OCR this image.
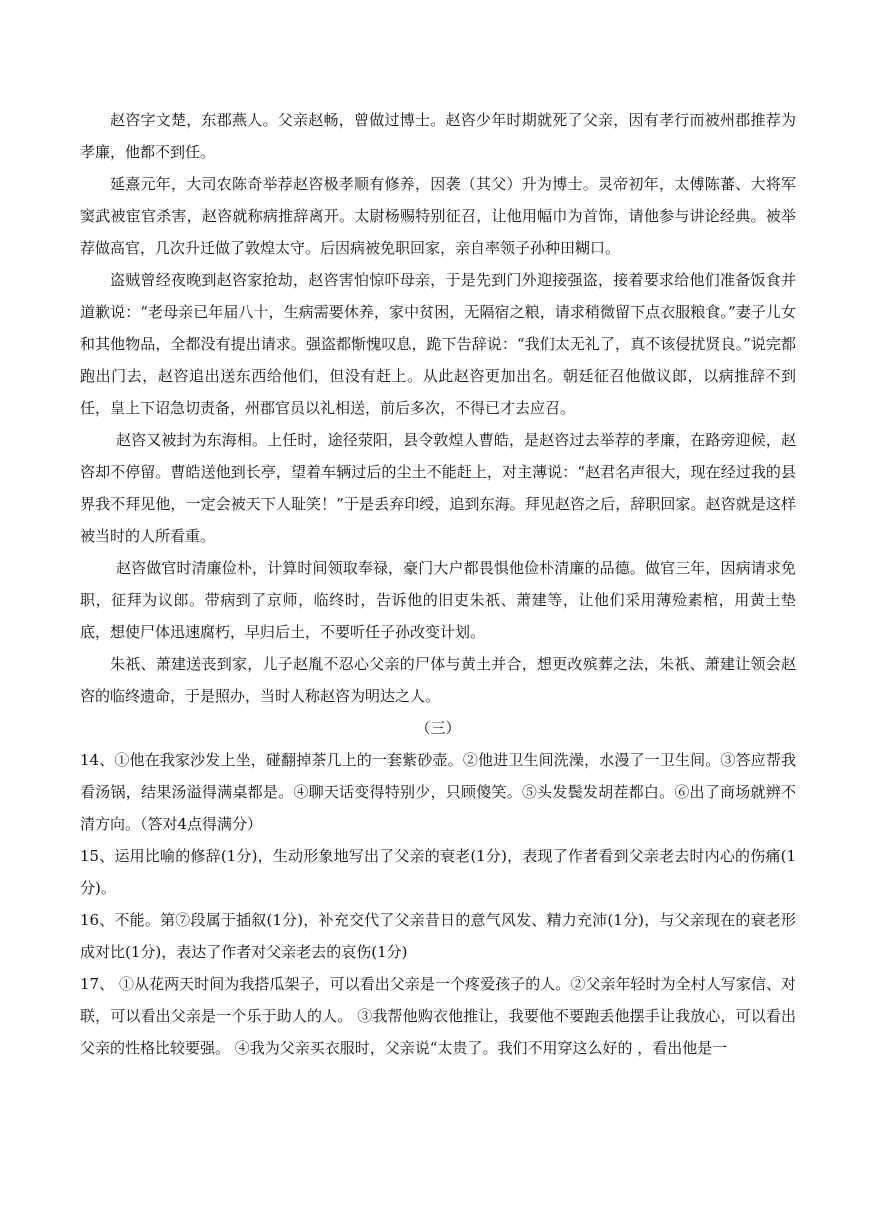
赵咨字文楚，东郡燕人。父亲赵畅，曾做过博士。赵咨少年时期就死了父亲，因有孝行而被州郡推荐为孝廉，他都不到任。

延熹元年，大司农陈奇举荐赵咨极孝顺有修养，因袭（其父）升为博士。灵帝初年，太傅陈蕃、大将军窦武被宦官杀害，赵咨就称病推辞离开。太尉杨赐特别征召，让他用幅巾为首饰，请他参与讲论经典。被举荐做高官，几次升迁做了敦煌太守。后因病被免职回家，亲自率领子孙种田糊口。

盗贼曾经夜晚到赵咨家抢劫，赵咨害怕惊吓母亲，于是先到门外迎接强盗，接着要求给他们准备饭食并道歉说：“老母亲已年届八十，生病需要休养，家中贫困，无隔宿之粮，请求稍微留下点衣服粮食。”妻子儿女和其他物品，全都没有提出请求。强盗都惭愧叹息，跪下告辞说：“我们太无礼了，真不该侵扰贤良。”说完都跑出门去，赵咨追出送东西给他们，但没有赶上。从此赵咨更加出名。朝廷征召他做议郎，以病推辞不到任，皇上下诏急切责备，州郡官员以礼相送，前后多次，不得已才去应召。

赵咨又被封为东海相。上任时，途径荥阳，县令敦煌人曹皓，是赵咨过去举荐的孝廉，在路旁迎候，赵咨却不停留。曹皓送他到长亭，望着车辆过后的尘土不能赶上，对主薄说：“赵君名声很大，现在经过我的县界我不拜见他，一定会被天下人耻笑！”于是丢弃印绶，追到东海。拜见赵咨之后，辞职回家。赵咨就是这样被当时的人所看重。

赵咨做官时清廉俭朴，计算时间领取奉禄，豪门大户都畏惧他俭朴清廉的品德。做官三年，因病请求免职，征拜为议郎。带病到了京师，临终时，告诉他的旧吏朱祇、萧建等，让他们采用薄殓素棺，用黄土垫底，想使尸体迅速腐朽，早归后土，不要听任子孙改变计划。

朱祇、萧建送丧到家，儿子赵胤不忍心父亲的尸体与黄土并合，想更改殡葬之法，朱祇、萧建让领会赵咨的临终遗命，于是照办，当时人称赵咨为明达之人。

（三）

14、①他在我家沙发上坐，碰翻掉茶几上的一套紫砂壶。②他进卫生间洗澡，水漫了一卫生间。③答应帮我看汤锅，结果汤溢得满桌都是。④聊天话变得特别少，只顾傻笑。⑤头发鬓发胡茬都白。⑥出了商场就辨不清方向。（答对4点得满分）

15、运用比喻的修辞(1分)，生动形象地写出了父亲的衰老(1分)，表现了作者看到父亲老去时内心的伤痛(1分)。

16、不能。第⑦段属于插叙(1分)，补充交代了父亲昔日的意气风发、精力充沛(1分)，与父亲现在的衰老形成对比(1分)，表达了作者对父亲老去的哀伤(1分)

17、 ①从花两天时间为我搭瓜架子，可以看出父亲是一个疼爱孩子的人。②父亲年轻时为全村人写家信、对联，可以看出父亲是一个乐于助人的人。 ③我帮他购衣他推让，我要他不要跑丢他摆手让我放心，可以看出父亲的性格比较要强。 ④我为父亲买衣服时，父亲说“太贵了。我们不用穿这么好的 ，看出他是一
